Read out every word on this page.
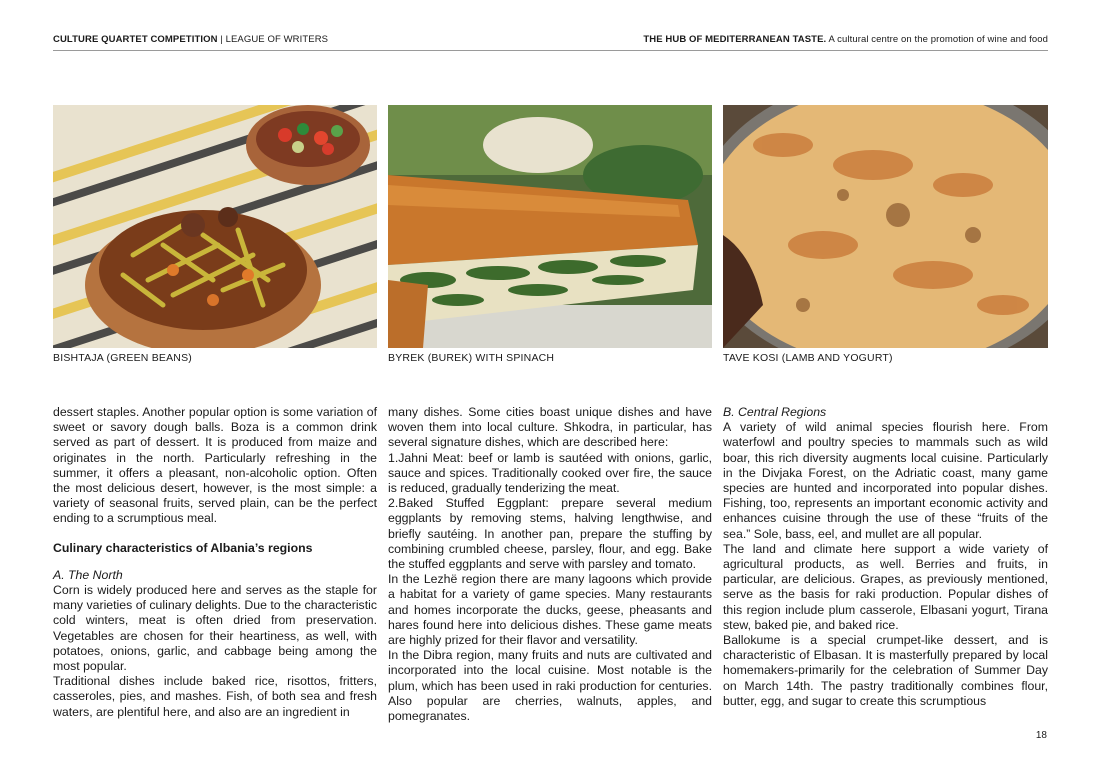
CULTURE QUARTET COMPETITION | LEAGUE OF WRITERS	THE HUB OF MEDITERRANEAN TASTE. A cultural centre on the promotion of wine and food
BISHTAJA (GREEN BEANS)	BYREK (BUREK) WITH SPINACH	TAVE KOSI (LAMB AND YOGURT)

dessert staples. Another popular option is some variation of sweet or savory dough balls. Boza is a common drink served as part of dessert. It is produced from maize and originates in the north. Particularly refreshing in the summer, it offers a pleasant, non-alcoholic option. Often the most delicious desert, however, is the most simple: a variety of seasonal fruits, served plain, can be the perfect ending to a scrumptious meal.

Culinary characteristics of Albania’s regions

A. The North

Corn is widely produced here and serves as the staple for many varieties of culinary delights. Due to the characteristic cold winters, meat is often dried from preservation. Vegetables are chosen for their heartiness, as well, with potatoes, onions, garlic, and cabbage being among the most popular.

Traditional dishes include baked rice, risottos, fritters, casseroles, pies, and mashes. Fish, of both sea and fresh waters, are plentiful here, and also are an ingredient in

many dishes. Some cities boast unique dishes and have woven them into local culture. Shkodra, in particular, has several signature dishes, which are described here:

1.Jahni Meat: beef or lamb is sautéed with onions, garlic, sauce and spices. Traditionally cooked over fire, the sauce is reduced, gradually tenderizing the meat.

2.Baked Stuffed Eggplant: prepare several medium eggplants by removing stems, halving lengthwise, and briefly sautéing. In another pan, prepare the stuffing by combining crumbled cheese, parsley, flour, and egg. Bake the stuffed eggplants and serve with parsley and tomato.

In the Lezhë region there are many lagoons which provide a habitat for a variety of game species. Many restaurants and homes incorporate the ducks, geese, pheasants and hares found here into delicious dishes. These game meats are highly prized for their flavor and versatility.

In the Dibra region, many fruits and nuts are cultivated and incorporated into the local cuisine. Most notable is the plum, which has been used in raki production for centuries. Also popular are cherries, walnuts, apples, and pomegranates.

B. Central Regions

A variety of wild animal species flourish here. From waterfowl and poultry species to mammals such as wild boar, this rich diversity augments local cuisine. Particularly in the Divjaka Forest, on the Adriatic coast, many game species are hunted and incorporated into popular dishes. Fishing, too, represents an important economic activity and enhances cuisine through the use of these “fruits of the sea.” Sole, bass, eel, and mullet are all popular.

The land and climate here support a wide variety of agricultural products, as well. Berries and fruits, in particular, are delicious. Grapes, as previously mentioned, serve as the basis for raki production. Popular dishes of this region include plum casserole, Elbasani yogurt, Tirana stew, baked pie, and baked rice.

Ballokume is a special crumpet-like dessert, and is characteristic of Elbasan. It is masterfully prepared by local homemakers-primarily for the celebration of Summer Day on March 14th. The pastry traditionally combines flour, butter, egg, and sugar to create this scrumptious

18
